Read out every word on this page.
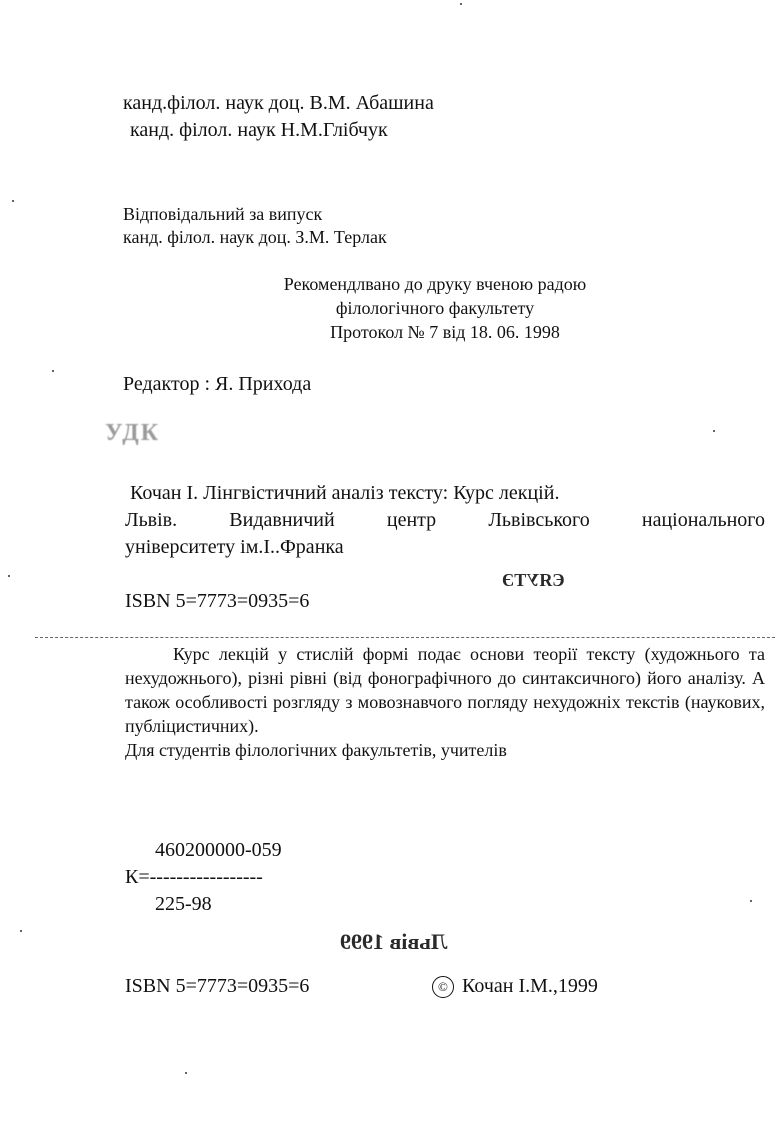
канд.філол. наук доц. В.М. Абашина
канд. філол. наук Н.М.Глібчук
Відповідальний за випуск
канд. філол. наук доц. З.М. Терлак
Рекомендлвано до друку вченою радою
філологічного факультету
Протокол № 7 від 18. 06. 1998
Редактор : Я. Прихода
УДК
Кочан І. Лінгвістичний аналіз тексту: Курс лекцій.
Львів.	Видавничий	центр	Львівського	національного
університету ім.І..Франка
ЄЯУТЭ
ISBN 5=7773=0935=6

Курс лекцій у стислій формі подає основи теорії тексту (художнього та нехудожнього), різні рівні (від фонографічного до синтаксичного) його аналізу. А також особливості розгляду з мовознавчого погляду нехудожніх текстів (наукових, публіцистичних).

Для студентів філологічних факультетів, учителів

460200000-059
К=-----------------
225-98
Львів 1999
ISBN 5=7773=0935=6	© Кочан І.М.,1999
